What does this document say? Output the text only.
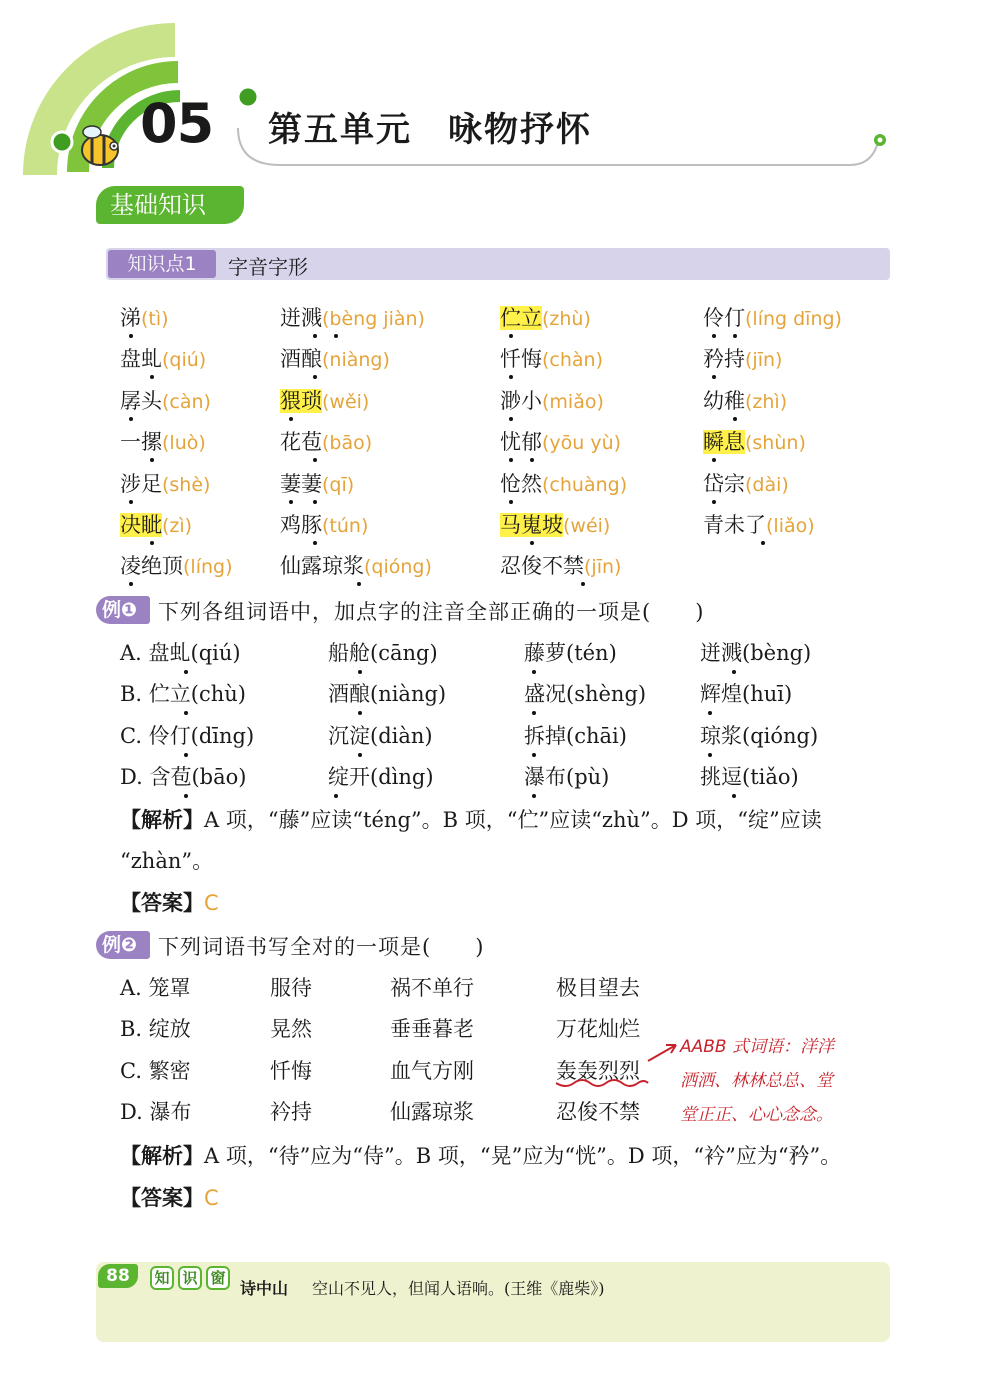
05 第五单元　咏物抒怀
基础知识
知识点1	字音字形
涕(tì)	迸溅(bèng jiàn)	伫立(zhù)	伶仃(líng dīng)
盘虬(qiú)	酒酿(niàng)	忏悔(chàn)	矜持(jīn)
孱头(càn)	猥琐(wěi)	渺小(miǎo)	幼稚(zhì)
一摞(luò)	花苞(bāo)	忧郁(yōu yù)	瞬息(shùn)
涉足(shè)	萋萋(qī)	怆然(chuàng)	岱宗(dài)
决眦(zì)	鸡豚(tún)	马嵬坡(wéi)	青未了(liǎo)
凌绝顶(líng) 仙露琼浆(qióng)	忍俊不禁(jīn)
例❶ 下列各组词语中，加点字的注音全部正确的一项是(　　)
A. 盘虬(qiú)	船舱(cāng)	藤萝(tén)	迸溅(bèng)
B. 伫立(chù)	酒酿(niàng)	盛况(shèng)	辉煌(huī)
C. 伶仃(dīng)	沉淀(diàn)	拆掉(chāi)	琼浆(qióng)
D. 含苞(bāo)	绽开(dìng)	瀑布(pù)	挑逗(tiǎo)
【解析】A 项，“藤”应读“téng”。B 项，“伫”应读“zhù”。D 项，“绽”应读
“zhàn”。
【答案】C
例❷ 下列词语书写全对的一项是(　　)
A. 笼罩	服待	祸不单行	极目望去
B. 绽放	晃然	垂垂暮老	万花灿烂
C. 繁密	忏悔	血气方刚	轰轰烈烈
D. 瀑布	衿持	仙露琼浆	忍俊不禁
AABB 式词语：洋洋
洒洒、林林总总、堂
堂正正、心心念念。
【解析】A 项，“待”应为“侍”。B 项，“晃”应为“恍”。D 项，“衿”应为“矜”。
【答案】C
88	知 识 窗
诗中山 空山不见人，但闻人语响。(王维《鹿柴》)
